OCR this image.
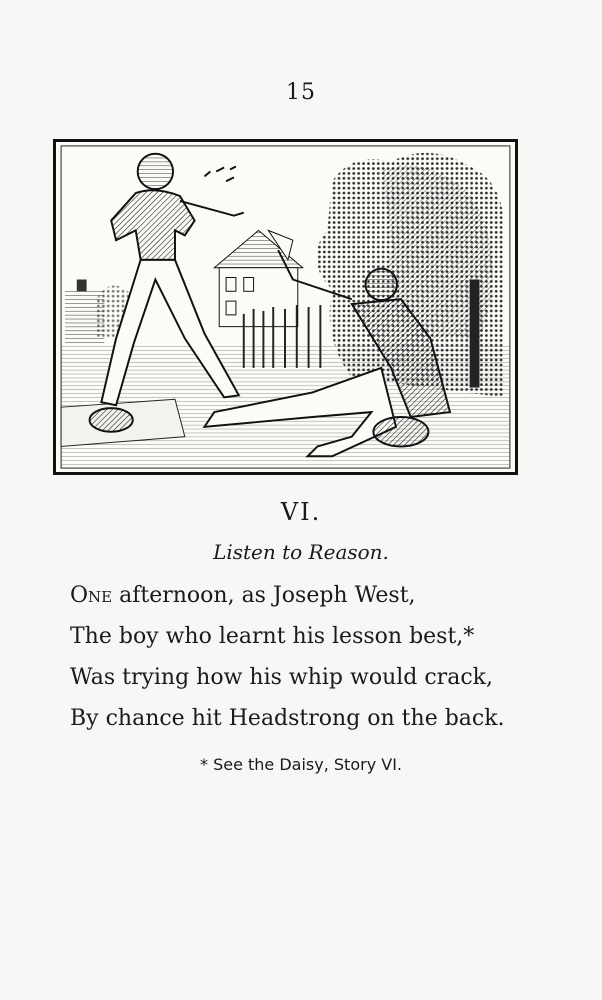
15
VI.
Listen to Reason.
One afternoon, as Joseph West,
The boy who learnt his lesson best,*
Was trying how his whip would crack,
By chance hit Headstrong on the back.
* See the Daisy, Story VI.
